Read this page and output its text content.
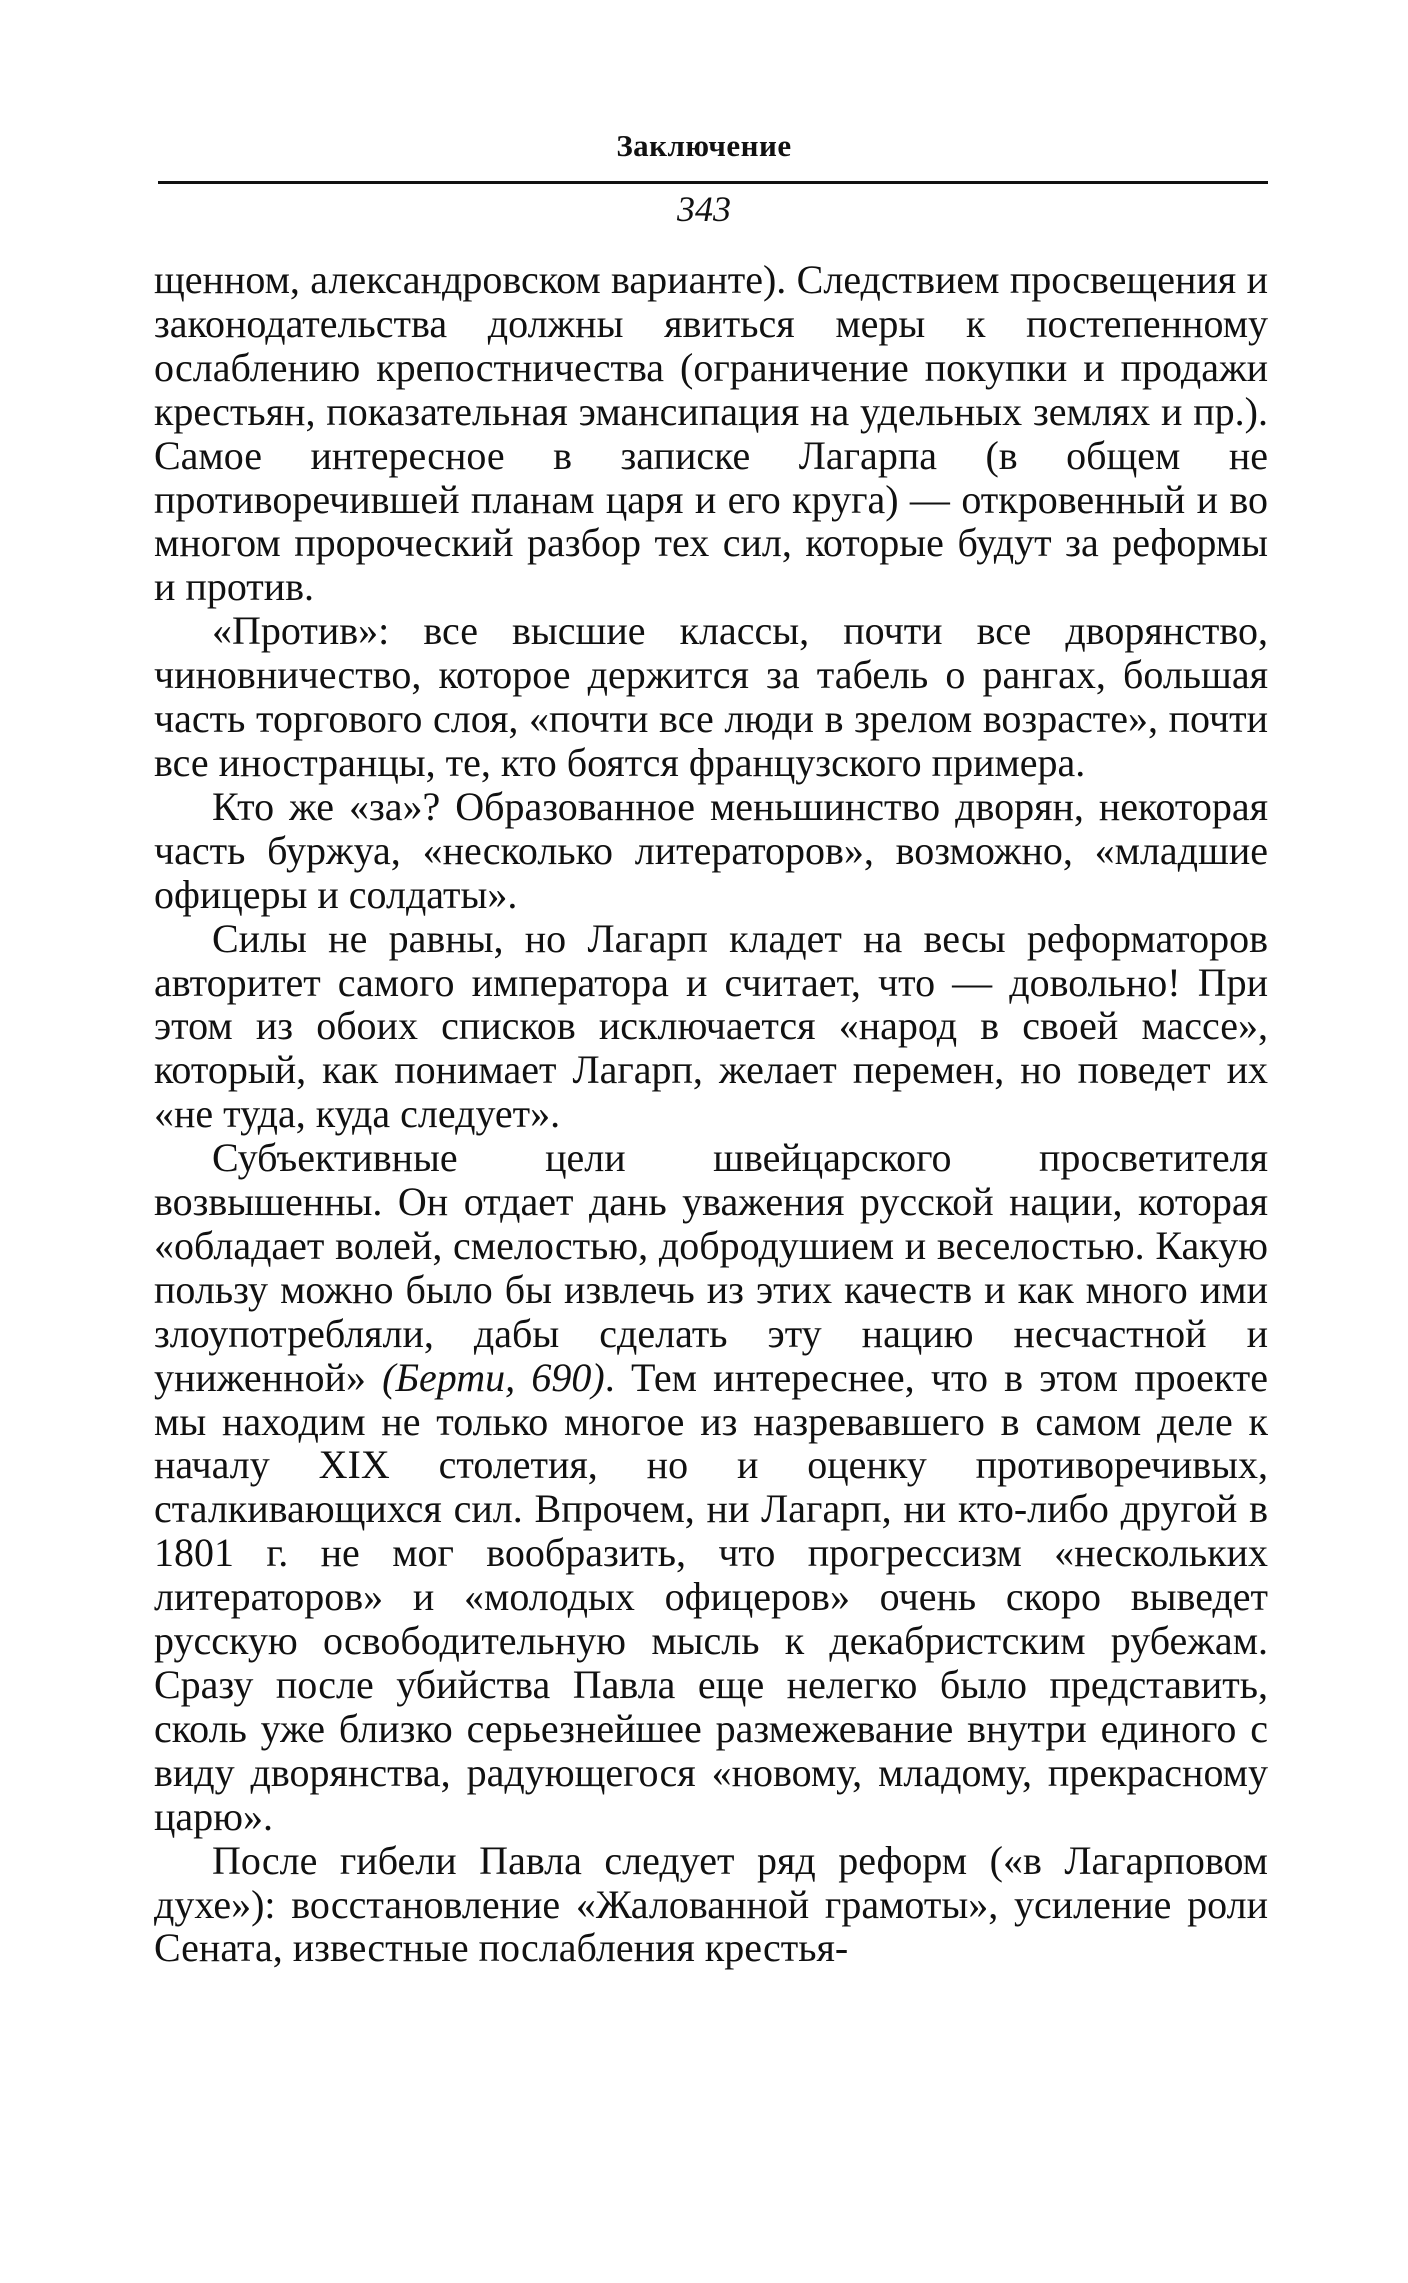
Заключение
343

щенном, александровском варианте). Следствием просвещения и законодательства должны явиться меры к постепенному ослаблению крепостничества (ограничение покупки и продажи крестьян, показательная эмансипация на удельных землях и пр.). Самое интересное в записке Лагарпа (в общем не противоречившей планам царя и его круга) — откровенный и во многом пророческий разбор тех сил, которые будут за реформы и против.

«Против»: все высшие классы, почти все дворянство, чиновничество, которое держится за табель о рангах, большая часть торгового слоя, «почти все люди в зрелом возрасте», почти все иностранцы, те, кто боятся французского примера.

Кто же «за»? Образованное меньшинство дворян, некоторая часть буржуа, «несколько литераторов», возможно, «младшие офицеры и солдаты».

Силы не равны, но Лагарп кладет на весы реформаторов авторитет самого императора и считает, что — довольно! При этом из обоих списков исключается «народ в своей массе», который, как понимает Лагарп, желает перемен, но поведет их «не туда, куда следует».

Субъективные цели швейцарского просветителя возвышенны. Он отдает дань уважения русской нации, которая «обладает волей, смелостью, добродушием и веселостью. Какую пользу можно было бы извлечь из этих качеств и как много ими злоупотребляли, дабы сделать эту нацию несчастной и униженной» (Берти, 690). Тем интереснее, что в этом проекте мы находим не только многое из назревавшего в самом деле к началу XIX столетия, но и оценку противоречивых, сталкивающихся сил. Впрочем, ни Лагарп, ни кто-либо другой в 1801 г. не мог вообразить, что прогрессизм «нескольких литераторов» и «молодых офицеров» очень скоро выведет русскую освободительную мысль к декабристским рубежам. Сразу после убийства Павла еще нелегко было представить, сколь уже близко серьезнейшее размежевание внутри единого с виду дворянства, радующегося «новому, младому, прекрасному царю».

После гибели Павла следует ряд реформ («в Лагарповом духе»): восстановление «Жалованной грамоты», усиление роли Сената, известные послабления крестья-
